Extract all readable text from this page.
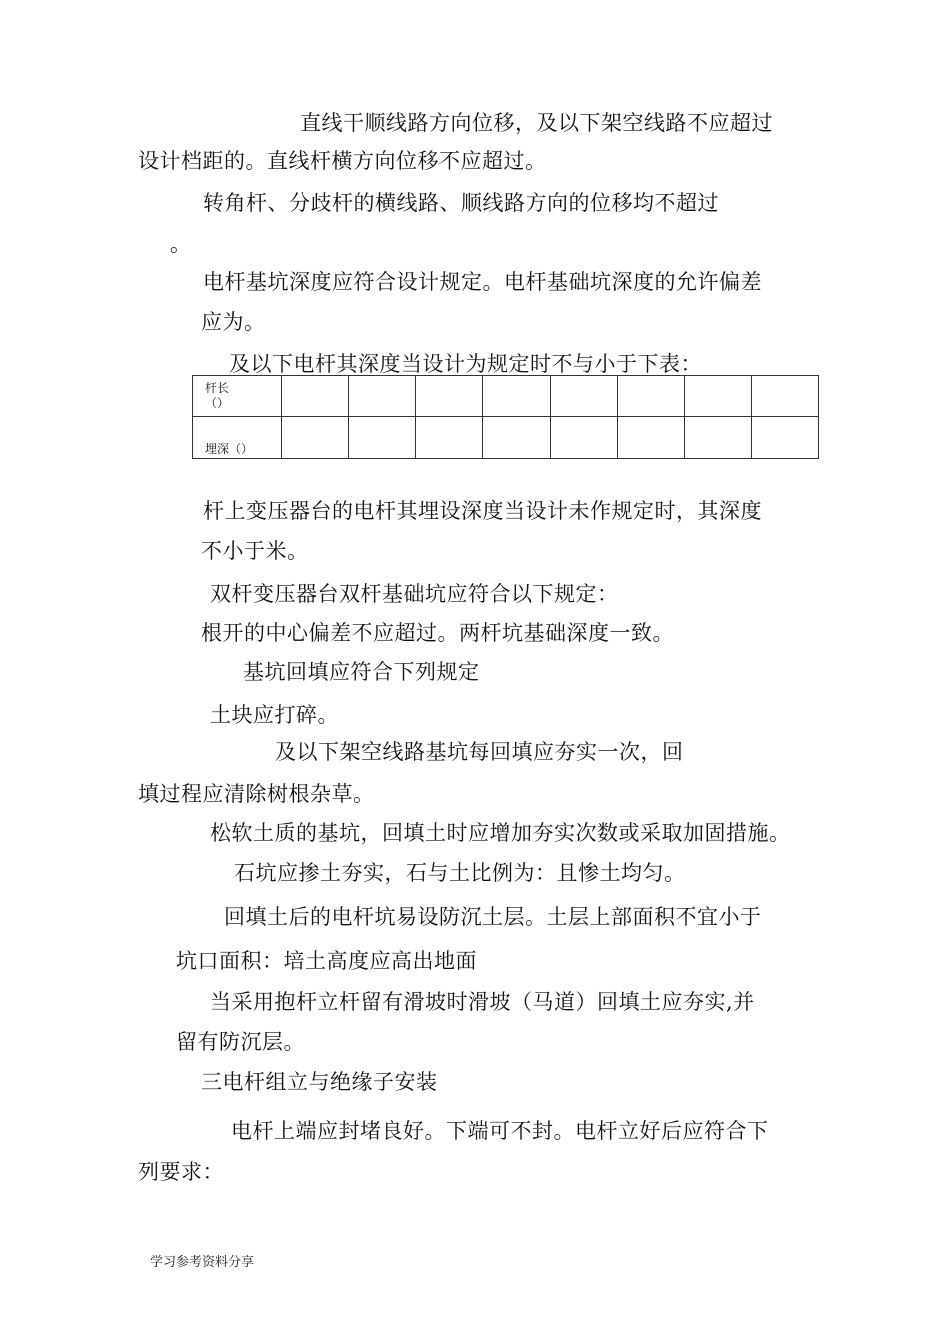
直线干顺线路方向位移，及以下架空线路不应超过
设计档距的。直线杆横方向位移不应超过。
转角杆、分歧杆的横线路、顺线路方向的位移均不超过
。
电杆基坑深度应符合设计规定。电杆基础坑深度的允许偏差
应为。
及以下电杆其深度当设计为规定时不与小于下表：
杆长
（）								
埋深（）								
杆上变压器台的电杆其埋设深度当设计未作规定时，其深度
不小于米。
双杆变压器台双杆基础坑应符合以下规定：
根开的中心偏差不应超过。两杆坑基础深度一致。
基坑回填应符合下列规定
土块应打碎。
及以下架空线路基坑每回填应夯实一次，回
填过程应清除树根杂草。
松软土质的基坑，回填土时应增加夯实次数或采取加固措施。
石坑应掺土夯实，石与土比例为：且惨土均匀。
回填土后的电杆坑易设防沉土层。土层上部面积不宜小于
坑口面积：培土高度应高出地面
当采用抱杆立杆留有滑坡时滑坡（马道）回填土应夯实,并
留有防沉层。
三电杆组立与绝缘子安装
电杆上端应封堵良好。下端可不封。电杆立好后应符合下
列要求：
学习参考资料分享
